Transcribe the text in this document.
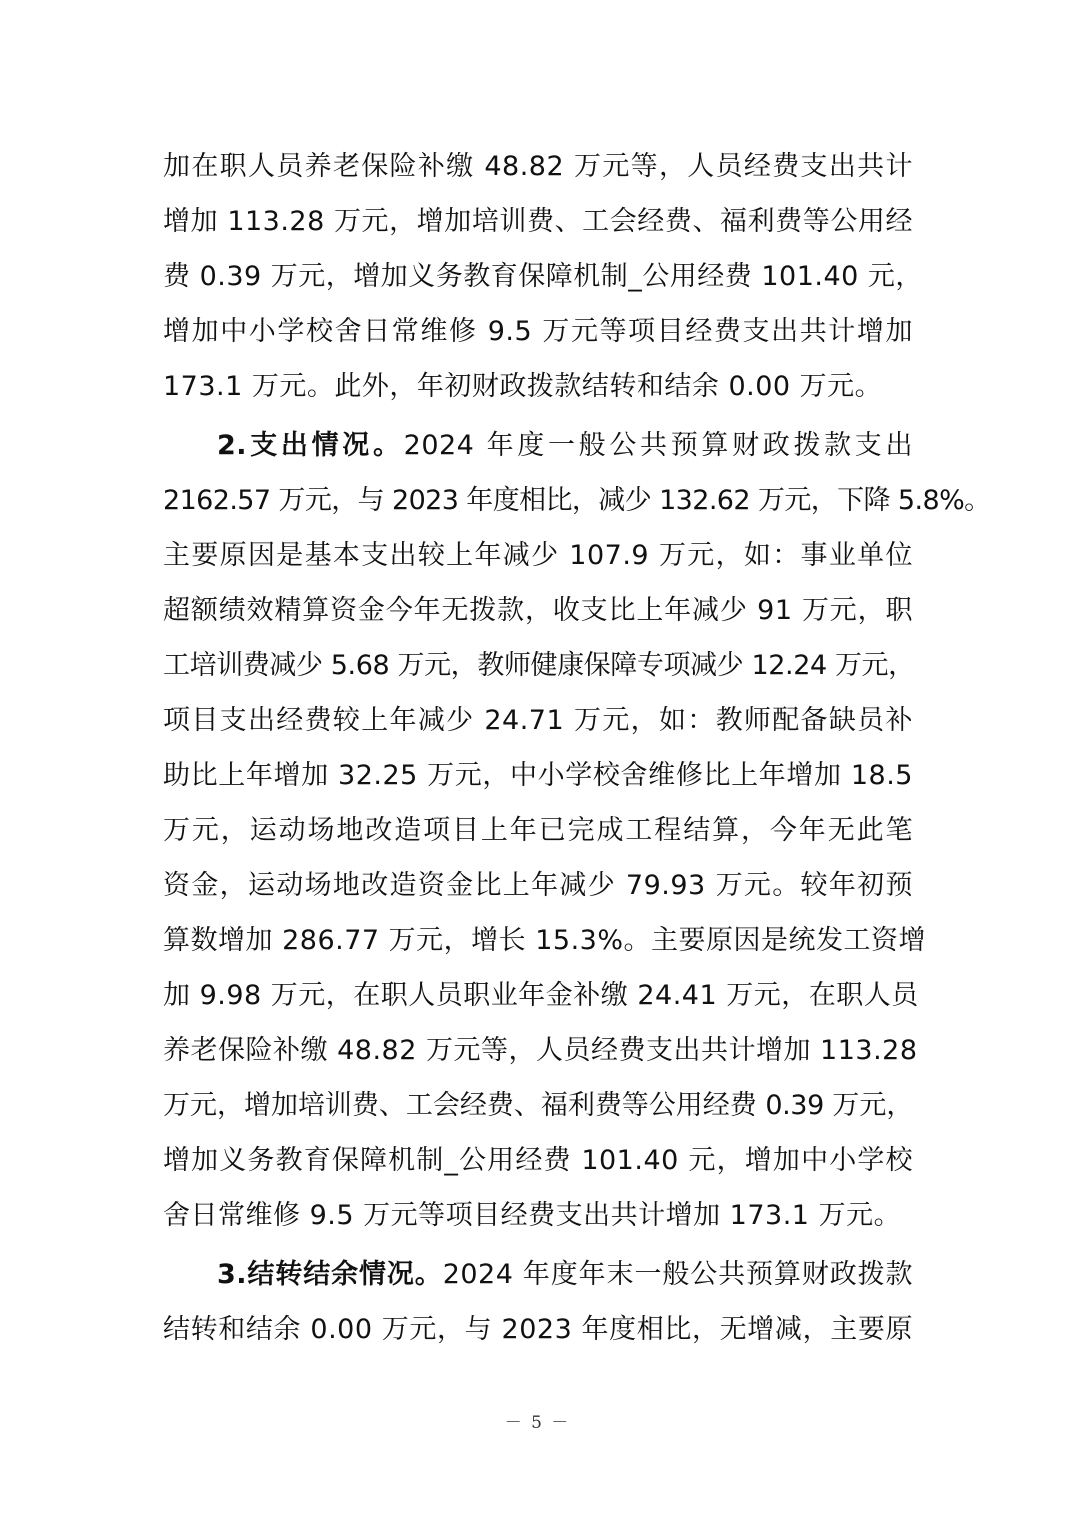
加在职人员养老保险补缴 48.82 万元等，人员经费支出共计
增加 113.28 万元，增加培训费、工会经费、福利费等公用经
费 0.39 万元，增加义务教育保障机制_公用经费 101.40 元，
增加中小学校舍日常维修 9.5 万元等项目经费支出共计增加
173.1 万元。此外，年初财政拨款结转和结余 0.00 万元。
2.支出情况。2024 年度一般公共预算财政拨款支出
2162.57 万元，与 2023 年度相比，减少 132.62 万元，下降 5.8%。
主要原因是基本支出较上年减少 107.9 万元，如：事业单位
超额绩效精算资金今年无拨款，收支比上年减少 91 万元，职
工培训费减少 5.68 万元，教师健康保障专项减少 12.24 万元，
项目支出经费较上年减少 24.71 万元，如：教师配备缺员补
助比上年增加 32.25 万元，中小学校舍维修比上年增加 18.5
万元，运动场地改造项目上年已完成工程结算，今年无此笔
资金，运动场地改造资金比上年减少 79.93 万元。较年初预
算数增加 286.77 万元，增长 15.3%。主要原因是统发工资增
加 9.98 万元，在职人员职业年金补缴 24.41 万元，在职人员
养老保险补缴 48.82 万元等，人员经费支出共计增加 113.28
万元，增加培训费、工会经费、福利费等公用经费 0.39 万元，
增加义务教育保障机制_公用经费 101.40 元，增加中小学校
舍日常维修 9.5 万元等项目经费支出共计增加 173.1 万元。
3.结转结余情况。2024 年度年末一般公共预算财政拨款
结转和结余 0.00 万元，与 2023 年度相比，无增减，主要原
－ 5 －
